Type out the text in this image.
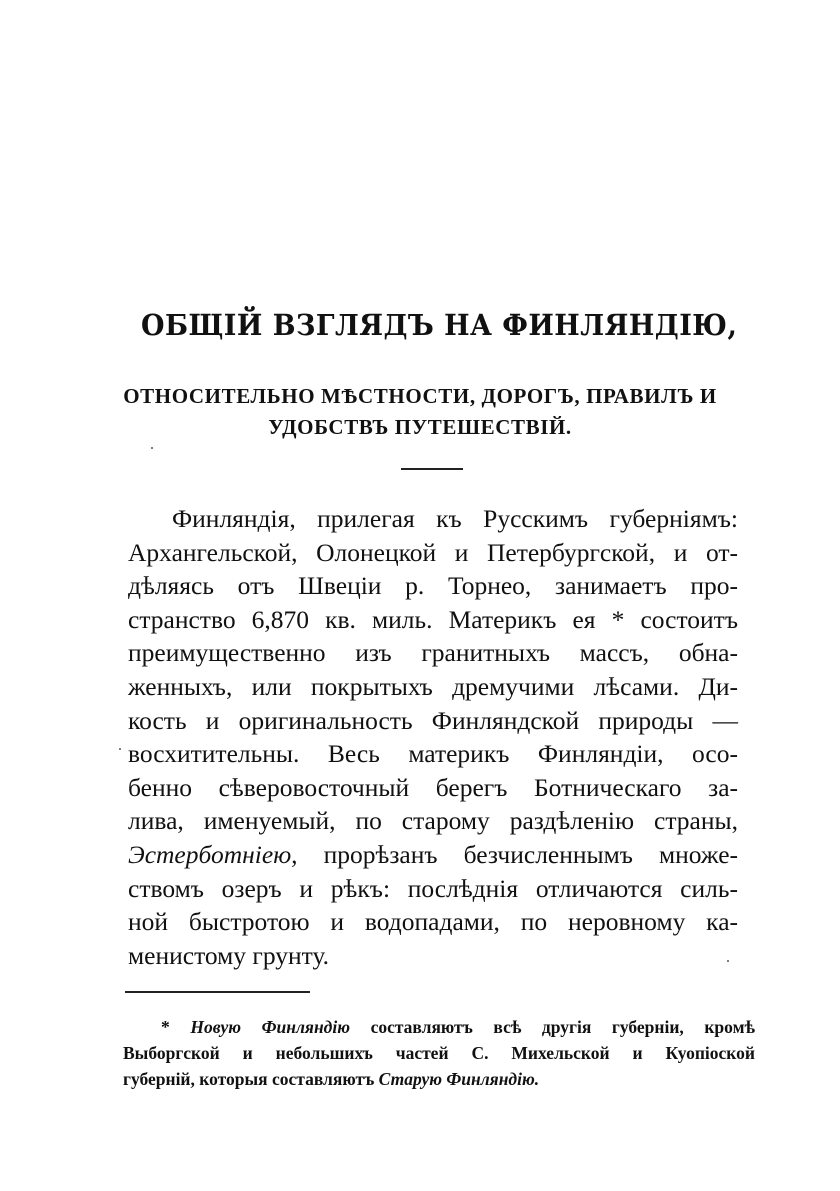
ОБЩІЙ ВЗГЛЯДЪ НА ФИНЛЯНДІЮ,
ОТНОСИТЕЛЬНО МѢСТНОСТИ, ДОРОГЪ, ПРАВИЛЪ И
УДОБСТВЪ ПУТЕШЕСТВІЙ.
Финляндія, прилегая къ Русскимъ губерніямъ:
Архангельской, Олонецкой и Петербургской, и от-
дѣляясь отъ Швеціи р. Торнео, занимаетъ про-
странство 6,870 кв. миль. Материкъ ея * состоитъ
преимущественно изъ гранитныхъ массъ, обна-
женныхъ, или покрытыхъ дремучими лѣсами. Ди-
кость и оригинальность Финляндской природы —
восхитительны. Весь материкъ Финляндіи, осо-
бенно сѣверовосточный берегъ Ботническаго за-
лива, именуемый, по старому раздѣленію страны,
Эстерботніею, прорѣзанъ безчисленнымъ множе-
ствомъ озеръ и рѣкъ: послѣднія отличаются силь-
ной быстротою и водопадами, по неровному ка-
менистому грунту.
* Новую Финляндію составляютъ всѣ другія губерніи, кромѣ
Выборгской и небольшихъ частей С. Михельской и Куопіоской
губерній, которыя составляютъ Старую Финляндію.
